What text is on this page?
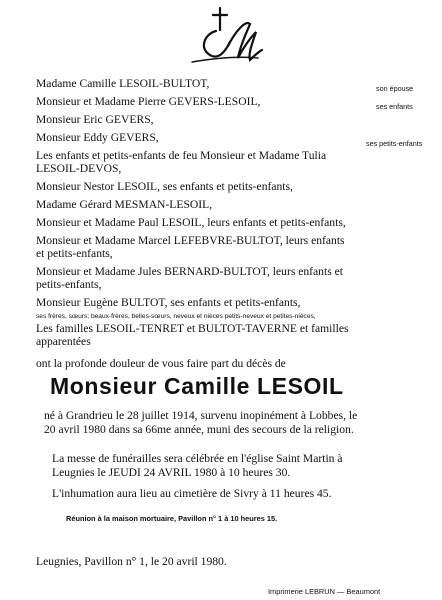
Madame Camille LESOIL-BULTOT,	son épouse
Monsieur et Madame Pierre GEVERS-LESOIL,	ses enfants
Monsieur Eric GEVERS,
Monsieur Eddy GEVERS,	ses petits-enfants
Les enfants et petits-enfants de feu Monsieur et Madame Tulia
LESOIL-DEVOS,
Monsieur Nestor LESOIL, ses enfants et petits-enfants,
Madame Gérard MESMAN-LESOIL,
Monsieur et Madame Paul LESOIL, leurs enfants et petits-enfants,
Monsieur et Madame Marcel LEFEBVRE-BULTOT, leurs enfants
et petits-enfants,
Monsieur et Madame Jules BERNARD-BULTOT, leurs enfants et
petits-enfants,
Monsieur Eugène BULTOT, ses enfants et petits-enfants,
ses frères, sœurs; beaux-frères, belles-sœurs, neveux et nièces petits-neveux et petites-nièces,
Les familles LESOIL-TENRET et BULTOT-TAVERNE et familles
apparentées
ont la profonde douleur de vous faire part du décès de
Monsieur Camille LESOIL
né à Grandrieu le 28 juillet 1914, survenu inopinément à Lobbes, le
20 avril 1980 dans sa 66me année, muni des secours de la religion.
La messe de funérailles sera célébrée en l'église Saint Martin à
Leugnies le JEUDI 24 AVRIL 1980 à 10 heures 30.
L'inhumation aura lieu au cimetière de Sivry à 11 heures 45.
Réunion à la maison mortuaire, Pavillon n° 1 à 10 heures 15.
Leugnies, Pavillon n° 1, le 20 avril 1980.
Imprimerie LEBRUN — Beaumont
